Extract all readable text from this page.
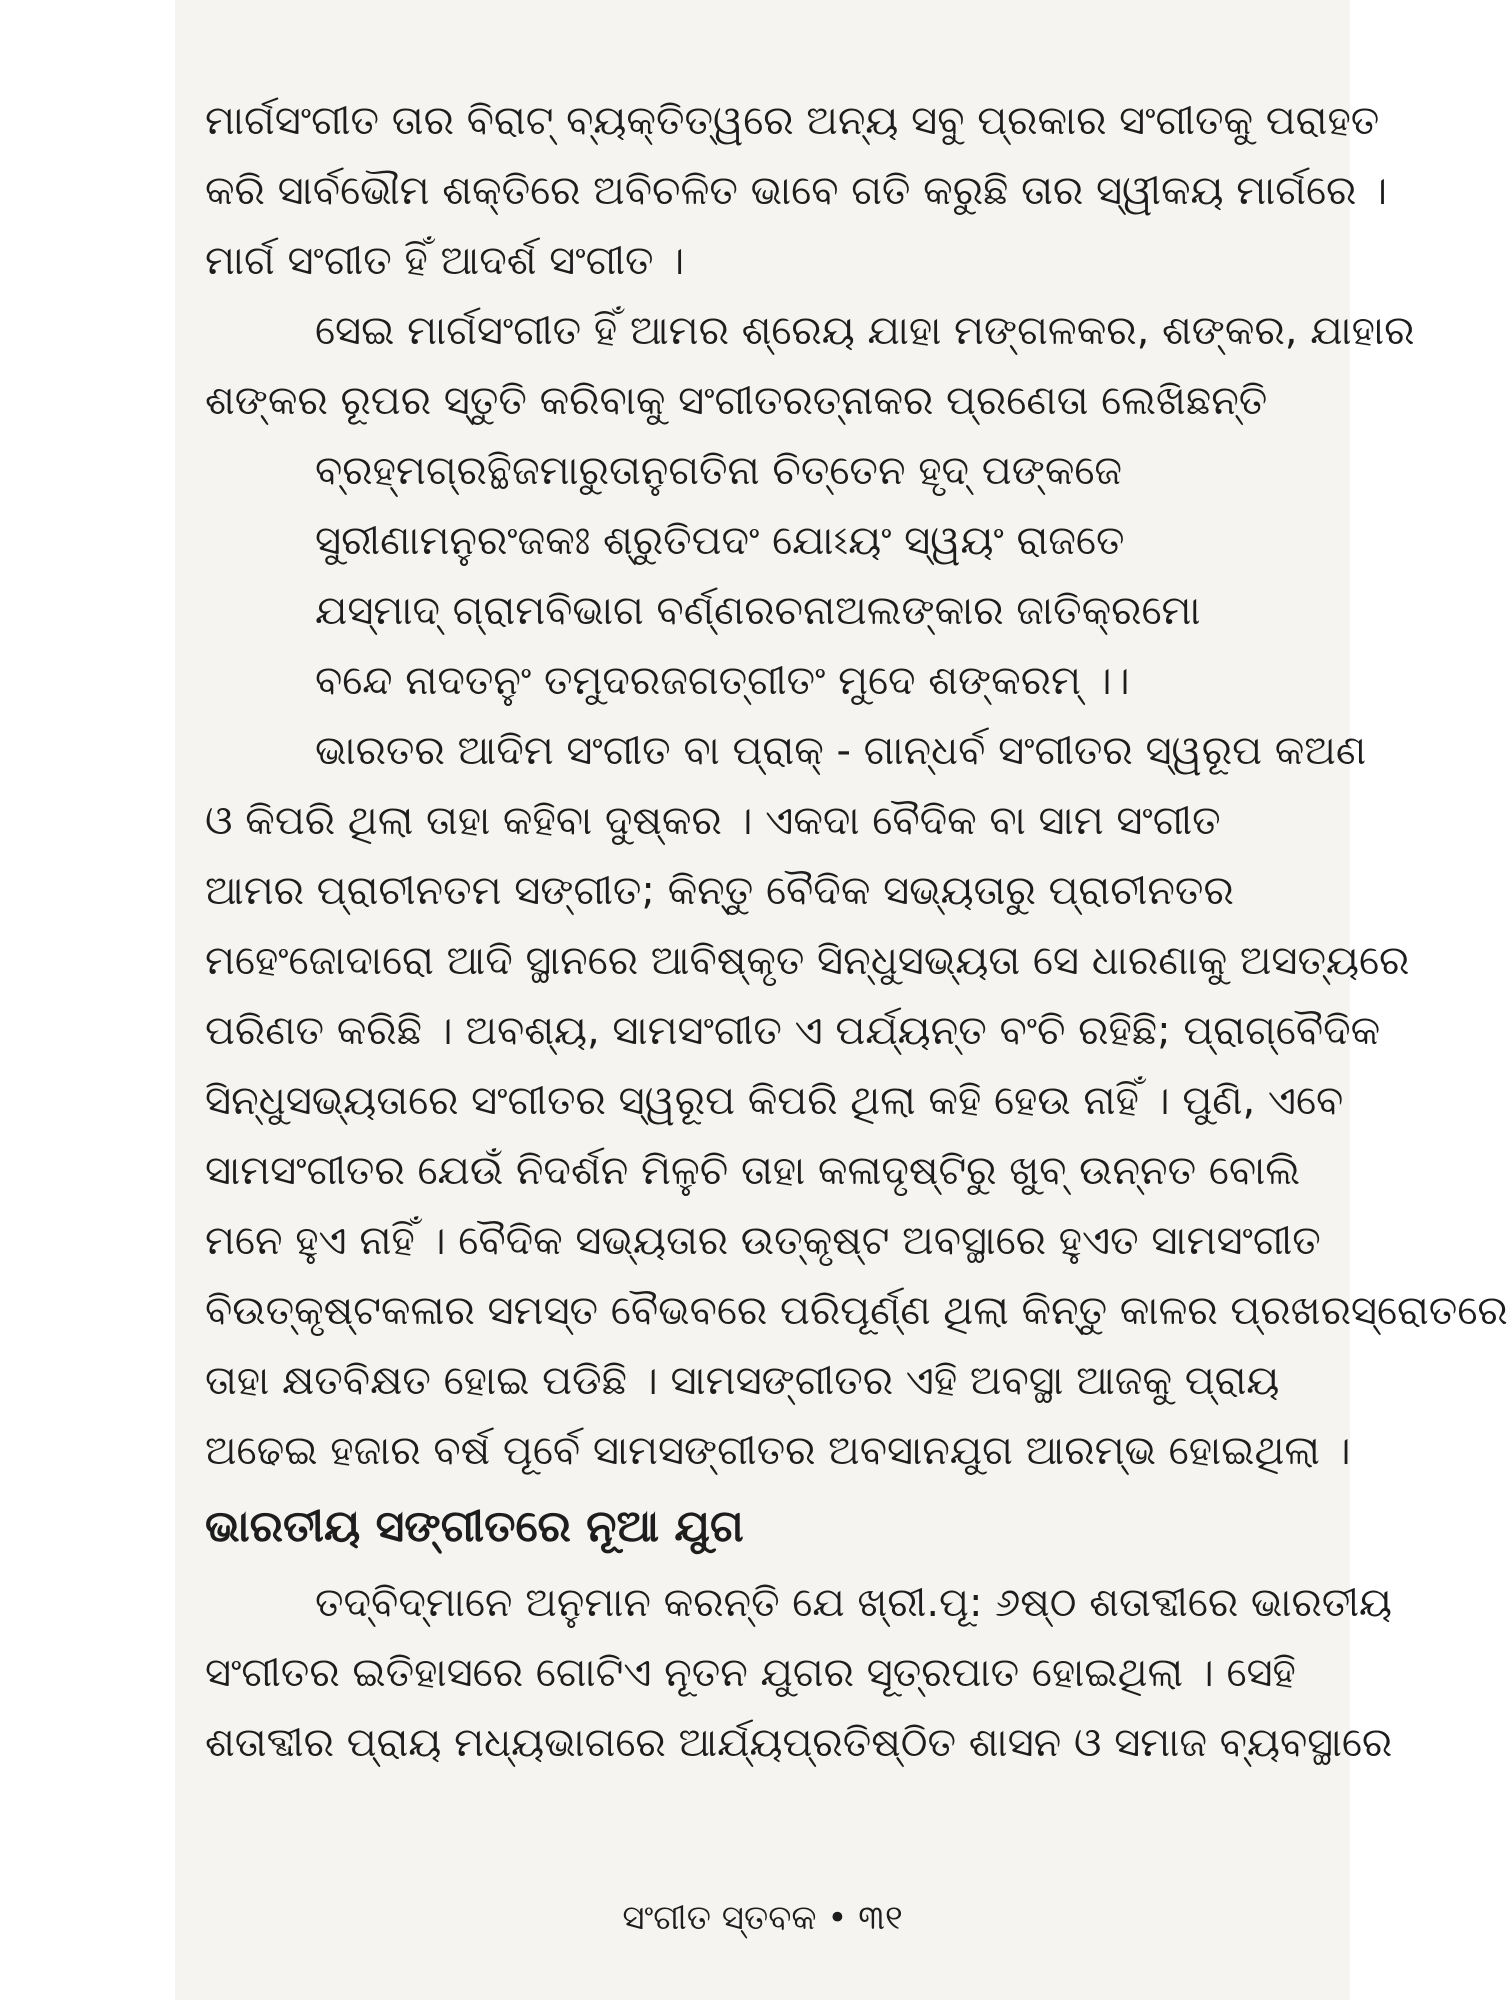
ମାର୍ଗସଂଗୀତ ତାର ବିରାଟ୍ ବ୍ୟକ୍ତିତ୍ୱରେ ଅନ୍ୟ ସବୁ ପ୍ରକାର ସଂଗୀତକୁ ପରାହତ
କରି ସାର୍ବଭୌମ ଶକ୍ତିରେ ଅବିଚଳିତ ଭାବେ ଗତି କରୁଛି ତାର ସ୍ୱୀକୟ ମାର୍ଗରେ ।
ମାର୍ଗ ସଂଗୀତ ହିଁ ଆଦର୍ଶ ସଂଗୀତ ।
ସେଇ ମାର୍ଗସଂଗୀତ ହିଁ ଆମର ଶ୍ରେୟ ଯାହା ମଙ୍ଗଳକର, ଶଙ୍କର, ଯାହାର
ଶଙ୍କର ରୂପର ସ୍ତୁତି କରିବାକୁ ସଂଗୀତରତ୍ନାକର ପ୍ରଣେତା ଲେଖିଛନ୍ତି
ବ୍ରହ୍ମଗ୍ରନ୍ଥିଜମାରୁତାନୁଗତିନା ଚିତ୍ତେନ ହୃଦ୍ ପଙ୍କଜେ
ସୁରୀଣାମନୁରଂଜକଃ ଶ୍ରୁତିପଦଂ ଯୋଽୟଂ ସ୍ୱୟଂ ରାଜତେ
ଯସ୍ମାଦ୍ ଗ୍ରାମବିଭାଗ ବର୍ଣ୍ଣରଚନାଅଲଙ୍କାର ଜାତିକ୍ରମୋ
ବନ୍ଦେ ନାଦତନୁଂ ତମୁଦରଜଗତ୍‌ଗୀତଂ ମୁଦେ ଶଙ୍କରମ୍ ।।
ଭାରତର ଆଦିମ ସଂଗୀତ ବା ପ୍ରାକ୍ - ଗାନ୍ଧର୍ବ ସଂଗୀତର ସ୍ୱରୂପ କଅଣ
ଓ କିପରି ଥିଲା ତାହା କହିବା ଦୁଷ୍କର । ଏକଦା ବୈଦିକ ବା ସାମ ସଂଗୀତ
ଆମର ପ୍ରାଚୀନତମ ସଙ୍ଗୀତ; କିନ୍ତୁ ବୈଦିକ ସଭ୍ୟତାରୁ ପ୍ରାଚୀନତର
ମହେଂଜୋଦାରୋ ଆଦି ସ୍ଥାନରେ ଆବିଷ୍କୃତ ସିନ୍ଧୁସଭ୍ୟତା ସେ ଧାରଣାକୁ ଅସତ୍ୟରେ
ପରିଣତ କରିଛି । ଅବଶ୍ୟ, ସାମସଂଗୀତ ଏ ପର୍ଯ୍ୟନ୍ତ ବଂଚି ରହିଛି; ପ୍ରାଗ୍‌ବୈଦିକ
ସିନ୍ଧୁସଭ୍ୟତାରେ ସଂଗୀତର ସ୍ୱରୂପ କିପରି ଥିଲା କହି ହେଉ ନାହିଁ । ପୁଣି, ଏବେ
ସାମସଂଗୀତର ଯେଉଁ ନିଦର୍ଶନ ମିଳୁଚି ତାହା କଳାଦୃଷ୍ଟିରୁ ଖୁବ୍ ଉନ୍ନତ ବୋଲି
ମନେ ହୁଏ ନାହିଁ । ବୈଦିକ ସଭ୍ୟତାର ଉତ୍‌କୃଷ୍ଟ ଅବସ୍ଥାରେ ହୁଏତ ସାମସଂଗୀତ
ବିଉତ୍କୃଷ୍ଟକଳାର ସମସ୍ତ ବୈଭବରେ ପରିପୂର୍ଣ୍ଣ ଥିଲା କିନ୍ତୁ କାଳର ପ୍ରଖରସ୍ରୋତରେ
ତାହା କ୍ଷତବିକ୍ଷତ ହୋଇ ପଡିଛି । ସାମସଙ୍ଗୀତର ଏହି ଅବସ୍ଥା ଆଜକୁ ପ୍ରାୟ
ଅଢେଇ ହଜାର ବର୍ଷ ପୂର୍ବେ ସାମସଙ୍ଗୀତର ଅବସାନଯୁଗ ଆରମ୍ଭ ହୋଇଥିଲା ।
ଭାରତୀୟ ସଙ୍ଗୀତରେ ନୂଆ ଯୁଗ
ତଦ୍‌ବିଦ୍‌ମାନେ ଅନୁମାନ କରନ୍ତି ଯେ ଖ୍ରୀ.ପୂ: ୬ଷ୍ଠ ଶତାବ୍ଦୀରେ ଭାରତୀୟ
ସଂଗୀତର ଇତିହାସରେ ଗୋଟିଏ ନୂତନ ଯୁଗର ସୂତ୍ରପାତ ହୋଇଥିଲା । ସେହି
ଶତାବ୍ଦୀର ପ୍ରାୟ ମଧ୍ୟଭାଗରେ ଆର୍ଯ୍ୟପ୍ରତିଷ୍ଠିତ ଶାସନ ଓ ସମାଜ ବ୍ୟବସ୍ଥାରେ
ସଂଗୀତ ସ୍ତବକ • ୩୧
